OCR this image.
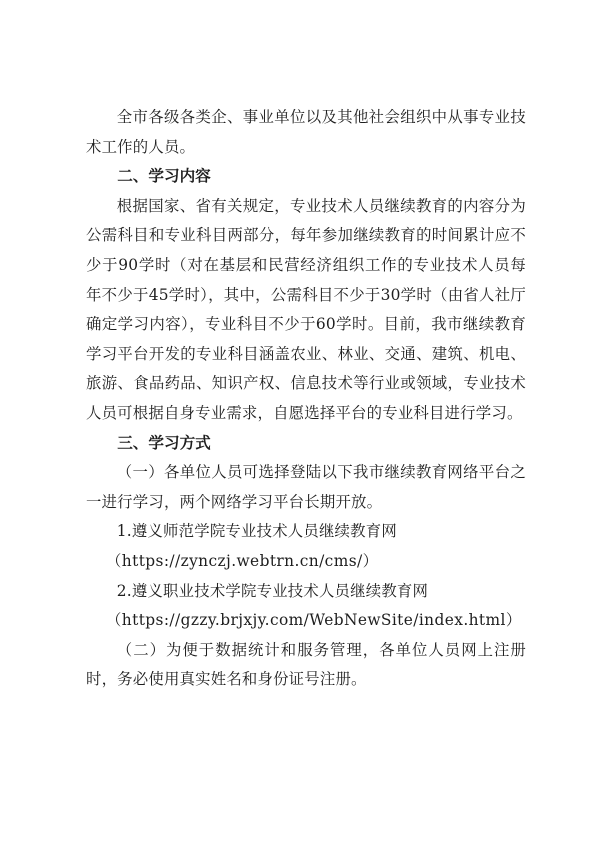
全市各级各类企、事业单位以及其他社会组织中从事专业技术工作的人员。

二、学习内容

根据国家、省有关规定，专业技术人员继续教育的内容分为公需科目和专业科目两部分，每年参加继续教育的时间累计应不少于90学时（对在基层和民营经济组织工作的专业技术人员每年不少于45学时），其中，公需科目不少于30学时（由省人社厅确定学习内容），专业科目不少于60学时。目前，我市继续教育学习平台开发的专业科目涵盖农业、林业、交通、建筑、机电、旅游、食品药品、知识产权、信息技术等行业或领域，专业技术人员可根据自身专业需求，自愿选择平台的专业科目进行学习。

三、学习方式

（一）各单位人员可选择登陆以下我市继续教育网络平台之一进行学习，两个网络学习平台长期开放。

1.遵义师范学院专业技术人员继续教育网

（https://zynczj.webtrn.cn/cms/）

2.遵义职业技术学院专业技术人员继续教育网

（https://gzzy.brjxjy.com/WebNewSite/index.html）

（二）为便于数据统计和服务管理，各单位人员网上注册时，务必使用真实姓名和身份证号注册。
